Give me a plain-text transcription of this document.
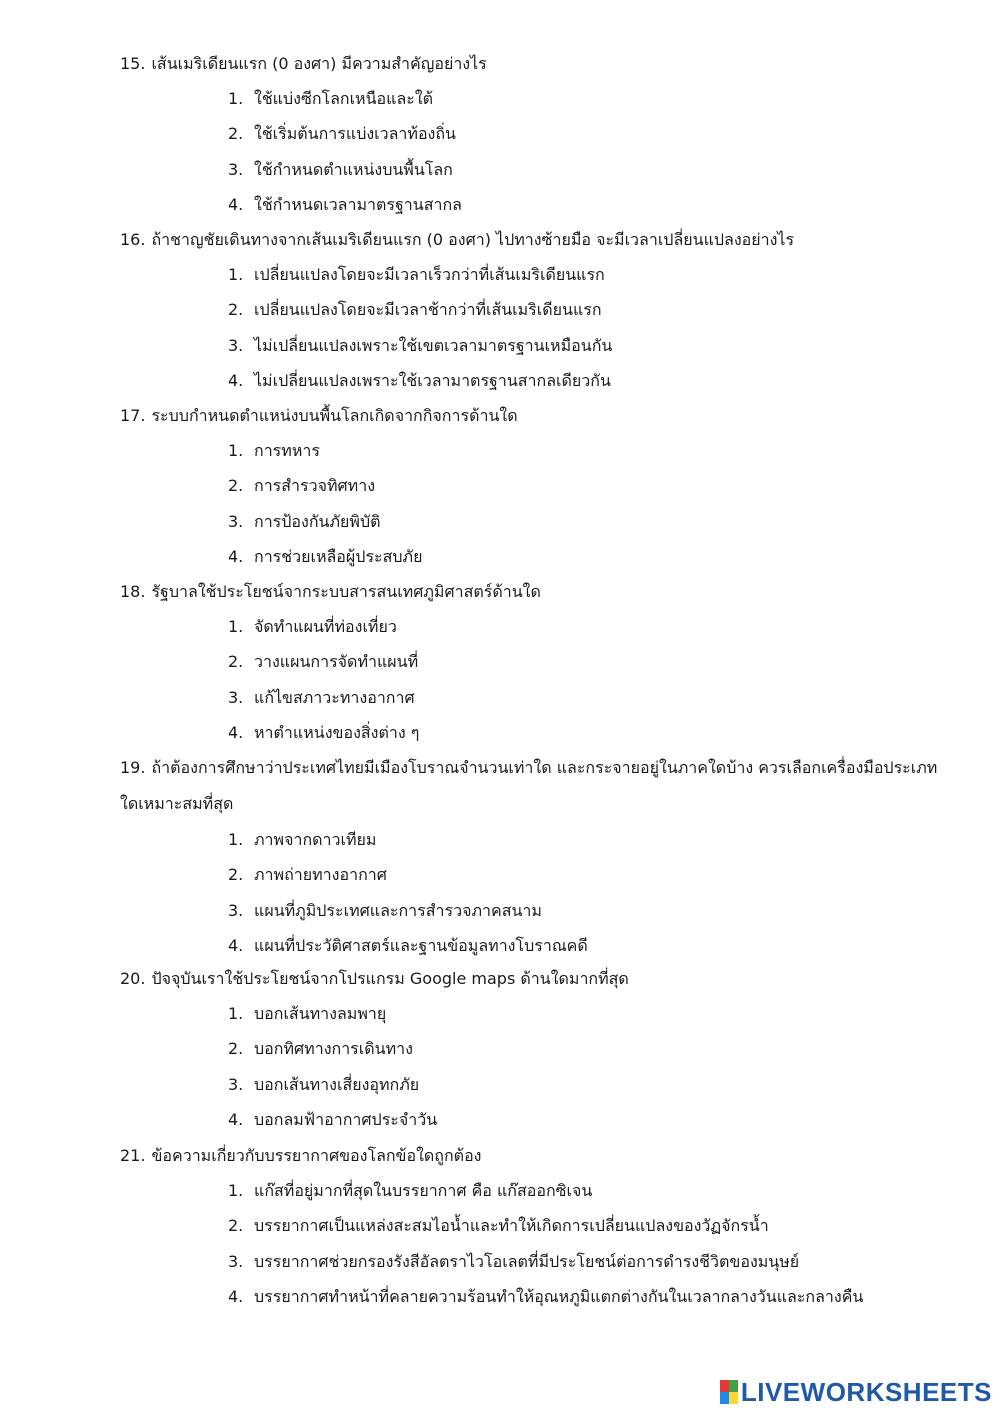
15. เส้นเมริเดียนแรก (0 องศา) มีความสำคัญอย่างไร
1. ใช้แบ่งซีกโลกเหนือและใต้
2. ใช้เริ่มต้นการแบ่งเวลาท้องถิ่น
3. ใช้กำหนดตำแหน่งบนพื้นโลก
4. ใช้กำหนดเวลามาตรฐานสากล
16. ถ้าชาญชัยเดินทางจากเส้นเมริเดียนแรก (0 องศา) ไปทางซ้ายมือ จะมีเวลาเปลี่ยนแปลงอย่างไร
1. เปลี่ยนแปลงโดยจะมีเวลาเร็วกว่าที่เส้นเมริเดียนแรก
2. เปลี่ยนแปลงโดยจะมีเวลาช้ากว่าที่เส้นเมริเดียนแรก
3. ไม่เปลี่ยนแปลงเพราะใช้เขตเวลามาตรฐานเหมือนกัน
4. ไม่เปลี่ยนแปลงเพราะใช้เวลามาตรฐานสากลเดียวกัน
17. ระบบกำหนดตำแหน่งบนพื้นโลกเกิดจากกิจการด้านใด
1. การทหาร
2. การสำรวจทิศทาง
3. การป้องกันภัยพิบัติ
4. การช่วยเหลือผู้ประสบภัย
18. รัฐบาลใช้ประโยชน์จากระบบสารสนเทศภูมิศาสตร์ด้านใด
1. จัดทำแผนที่ท่องเที่ยว
2. วางแผนการจัดทำแผนที่
3. แก้ไขสภาวะทางอากาศ
4. หาตำแหน่งของสิ่งต่าง ๆ
19. ถ้าต้องการศึกษาว่าประเทศไทยมีเมืองโบราณจำนวนเท่าใด และกระจายอยู่ในภาคใดบ้าง ควรเลือกเครื่องมือประเภทใดเหมาะสมที่สุด
1. ภาพจากดาวเทียม
2. ภาพถ่ายทางอากาศ
3. แผนที่ภูมิประเทศและการสำรวจภาคสนาม
4. แผนที่ประวัติศาสตร์และฐานข้อมูลทางโบราณคดี
20. ปัจจุบันเราใช้ประโยชน์จากโปรแกรม Google maps ด้านใดมากที่สุด
1. บอกเส้นทางลมพายุ
2. บอกทิศทางการเดินทาง
3. บอกเส้นทางเสี่ยงอุทกภัย
4. บอกลมฟ้าอากาศประจำวัน
21. ข้อความเกี่ยวกับบรรยากาศของโลกข้อใดถูกต้อง
1. แก๊สที่อยู่มากที่สุดในบรรยากาศ คือ แก๊สออกซิเจน
2. บรรยากาศเป็นแหล่งสะสมไอน้ำและทำให้เกิดการเปลี่ยนแปลงของวัฏจักรน้ำ
3. บรรยากาศช่วยกรองรังสีอัลตราไวโอเลตที่มีประโยชน์ต่อการดำรงชีวิตของมนุษย์
4. บรรยากาศทำหน้าที่คลายความร้อนทำให้อุณหภูมิแตกต่างกันในเวลากลางวันและกลางคืน
LIVEWORKSHEETS
